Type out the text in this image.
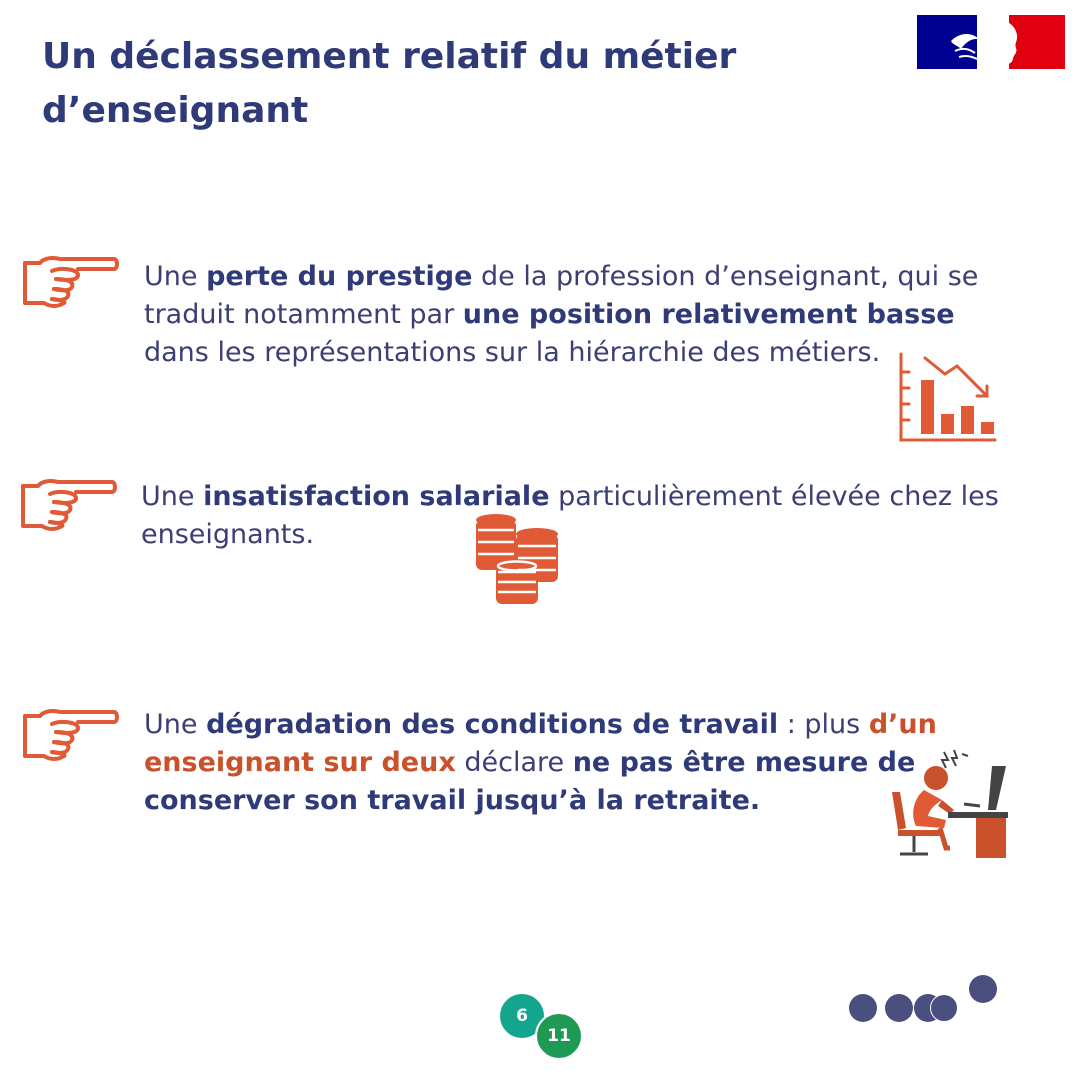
Un déclassement relatif du métier d’enseignant
Une perte du prestige de la profession d’enseignant, qui se traduit notamment par une position relativement basse dans les représentations sur la hiérarchie des métiers.
Une insatisfaction salariale particulièrement élevée chez les enseignants.
Une dégradation des conditions de travail : plus d’un enseignant sur deux déclare ne pas être mesure de conserver son travail jusqu’à la retraite.
6
11
